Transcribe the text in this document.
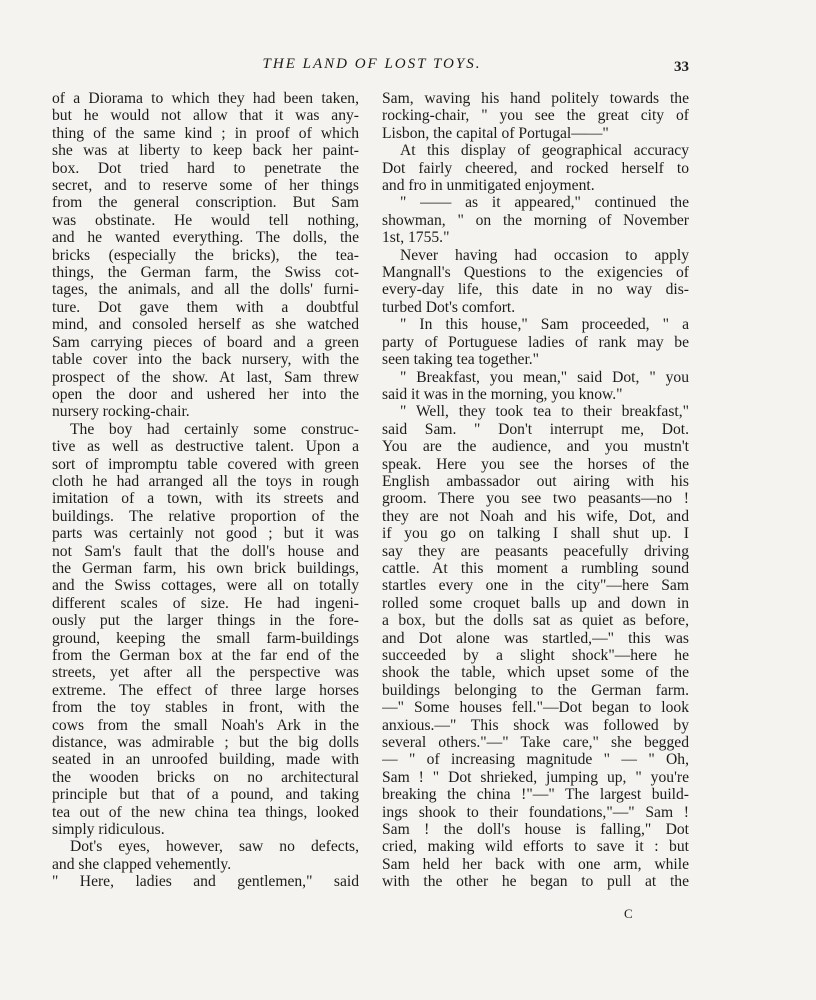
THE LAND OF LOST TOYS.	33
of a Diorama to which they had been taken,
but he would not allow that it was any-
thing of the same kind ; in proof of which
she was at liberty to keep back her paint-
box. Dot tried hard to penetrate the
secret, and to reserve some of her things
from the general conscription. But Sam
was obstinate. He would tell nothing,
and he wanted everything. The dolls, the
bricks (especially the bricks), the tea-
things, the German farm, the Swiss cot-
tages, the animals, and all the dolls' furni-
ture. Dot gave them with a doubtful
mind, and consoled herself as she watched
Sam carrying pieces of board and a green
table cover into the back nursery, with the
prospect of the show. At last, Sam threw
open the door and ushered her into the
nursery rocking-chair.
The boy had certainly some construc-
tive as well as destructive talent. Upon a
sort of impromptu table covered with green
cloth he had arranged all the toys in rough
imitation of a town, with its streets and
buildings. The relative proportion of the
parts was certainly not good ; but it was
not Sam's fault that the doll's house and
the German farm, his own brick buildings,
and the Swiss cottages, were all on totally
different scales of size. He had ingeni-
ously put the larger things in the fore-
ground, keeping the small farm-buildings
from the German box at the far end of the
streets, yet after all the perspective was
extreme. The effect of three large horses
from the toy stables in front, with the
cows from the small Noah's Ark in the
distance, was admirable ; but the big dolls
seated in an unroofed building, made with
the wooden bricks on no architectural
principle but that of a pound, and taking
tea out of the new china tea things, looked
simply ridiculous.
Dot's eyes, however, saw no defects,
and she clapped vehemently.
" Here, ladies and gentlemen," said
Sam, waving his hand politely towards the
rocking-chair, " you see the great city of
Lisbon, the capital of Portugal——"
At this display of geographical accuracy
Dot fairly cheered, and rocked herself to
and fro in unmitigated enjoyment.
" —— as it appeared," continued the
showman, " on the morning of November
1st, 1755."
Never having had occasion to apply
Mangnall's Questions to the exigencies of
every-day life, this date in no way dis-
turbed Dot's comfort.
" In this house," Sam proceeded, " a
party of Portuguese ladies of rank may be
seen taking tea together."
" Breakfast, you mean," said Dot, " you
said it was in the morning, you know."
" Well, they took tea to their breakfast,"
said Sam. " Don't interrupt me, Dot.
You are the audience, and you mustn't
speak. Here you see the horses of the
English ambassador out airing with his
groom. There you see two peasants—no !
they are not Noah and his wife, Dot, and
if you go on talking I shall shut up. I
say they are peasants peacefully driving
cattle. At this moment a rumbling sound
startles every one in the city"—here Sam
rolled some croquet balls up and down in
a box, but the dolls sat as quiet as before,
and Dot alone was startled,—" this was
succeeded by a slight shock"—here he
shook the table, which upset some of the
buildings belonging to the German farm.
—" Some houses fell."—Dot began to look
anxious.—" This shock was followed by
several others."—" Take care," she begged
— " of increasing magnitude " — " Oh,
Sam ! " Dot shrieked, jumping up, " you're
breaking the china !"—" The largest build-
ings shook to their foundations,"—" Sam !
Sam ! the doll's house is falling," Dot
cried, making wild efforts to save it : but
Sam held her back with one arm, while
with the other he began to pull at the
C
